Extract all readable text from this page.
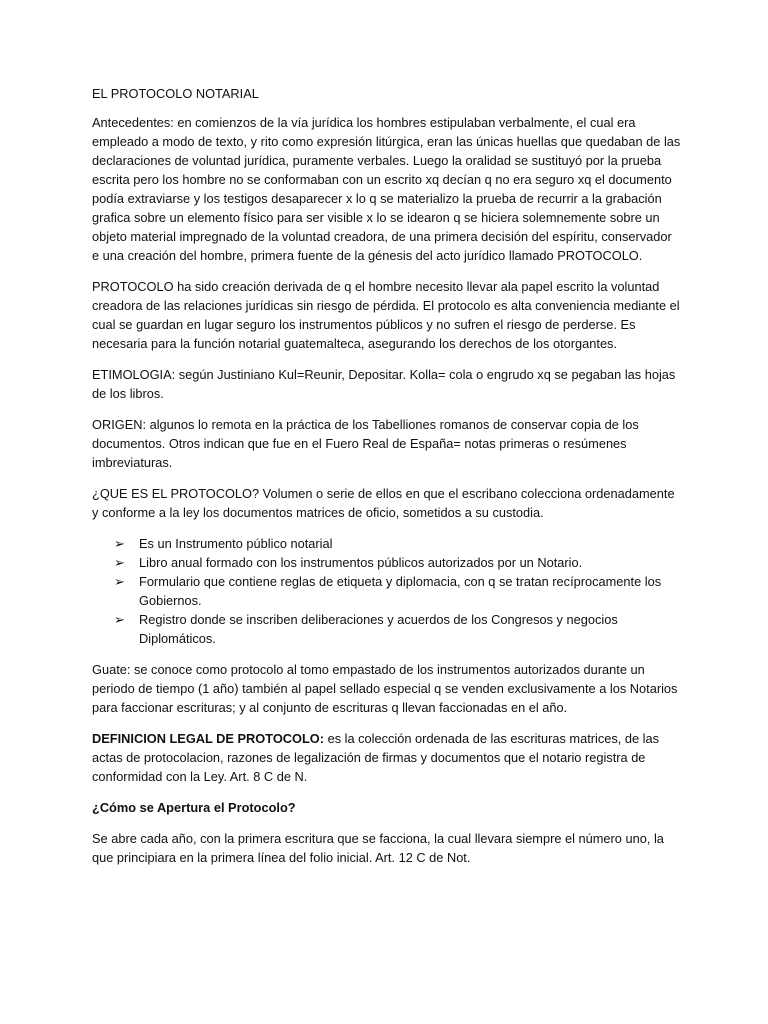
EL PROTOCOLO NOTARIAL

Antecedentes: en comienzos de la vía jurídica los hombres estipulaban verbalmente, el cual era empleado a modo de texto, y rito como expresión litúrgica, eran las únicas huellas que quedaban de las declaraciones de voluntad jurídica, puramente verbales. Luego la oralidad se sustituyó por la prueba escrita pero los hombre no se conformaban con un escrito xq decían q no era seguro xq el documento podía extraviarse y los testigos desaparecer x lo q se materializo la prueba de recurrir a la grabación grafica sobre un elemento físico para ser visible x lo se idearon q se hiciera solemnemente sobre un objeto material impregnado de la voluntad creadora, de una primera decisión del espíritu, conservador e una creación del hombre, primera fuente de la génesis del acto jurídico llamado PROTOCOLO.

PROTOCOLO ha sido creación derivada de q el hombre necesito llevar ala papel escrito la voluntad creadora de las relaciones jurídicas sin riesgo de pérdida. El protocolo es alta conveniencia mediante el cual se guardan en lugar seguro los instrumentos públicos y no sufren el riesgo de perderse. Es necesaria para la función notarial guatemalteca, asegurando los derechos de los otorgantes.

ETIMOLOGIA: según Justiniano Kul=Reunir, Depositar. Kolla= cola o engrudo xq se pegaban las hojas de los libros.

ORIGEN: algunos lo remota en la práctica de los Tabelliones romanos de conservar copia de los documentos. Otros indican que fue en el Fuero Real de España= notas primeras o resúmenes imbreviaturas.

¿QUE ES EL PROTOCOLO? Volumen o serie de ellos en que el escribano colecciona ordenadamente y conforme a la ley los documentos matrices de oficio, sometidos a su custodia.

➢ Es un Instrumento público notarial
➢ Libro anual formado con los instrumentos públicos autorizados por un Notario.
➢ Formulario que contiene reglas de etiqueta y diplomacia, con q se tratan recíprocamente los Gobiernos.
➢ Registro donde se inscriben deliberaciones y acuerdos de los Congresos y negocios Diplomáticos.

Guate: se conoce como protocolo al tomo empastado de los instrumentos autorizados durante un periodo de tiempo (1 año) también al papel sellado especial q se venden exclusivamente a los Notarios para faccionar escrituras; y al conjunto de escrituras q llevan faccionadas en el año.

DEFINICION LEGAL DE PROTOCOLO: es la colección ordenada de las escrituras matrices, de las actas de protocolacion, razones de legalización de firmas y documentos que el notario registra de conformidad con la Ley. Art. 8 C de N.

¿Cómo se Apertura el Protocolo?

Se abre cada año, con la primera escritura que se facciona, la cual llevara siempre el número uno, la que principiara en la primera línea del folio inicial. Art. 12 C de Not.
